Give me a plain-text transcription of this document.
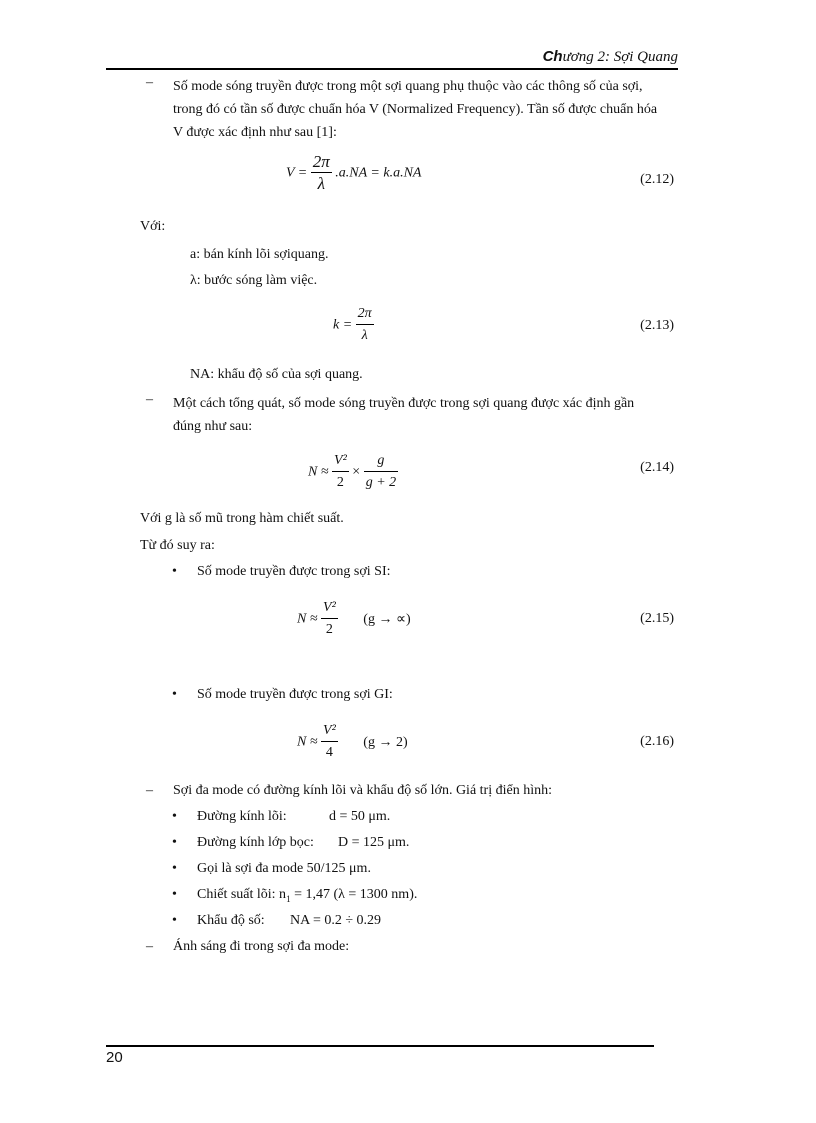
Chương 2: Sợi Quang
– Số mode sóng truyền được trong một sợi quang phụ thuộc vào các thông số của sợi,
trong đó có tần số được chuẩn hóa V (Normalized Frequency). Tần số được chuẩn hóa
V được xác định như sau [1]:
$V = \frac{2\pi}{\lambda} .a.NA = k.a.NA$	(2.12)
Với:
a: bán kính lõi sợiquang.
λ: bước sóng làm việc.
$k = \frac{2\pi}{\lambda}$	(2.13)
NA: khẩu độ số của sợi quang.
– Một cách tổng quát, số mode sóng truyền được trong sợi quang được xác định gần
đúng như sau:
$N \approx \frac{\text{V²}}{2} \times \frac{g}{g + 2}$	(2.14)
Với g là số mũ trong hàm chiết suất.
Từ đó suy ra:
• Số mode truyền được trong sợi SI:
$N \approx \frac{\text{V²}}{2} (g$ → ∝)	(2.15)
• Số mode truyền được trong sợi GI:
$N \approx \frac{\text{V²}}{4} (g \to 2)$	(2.16)
– Sợi đa mode có đường kính lõi và khẩu độ số lớn. Giá trị điển hình:
• Đường kính lõi:	d = 50 μm.
• Đường kính lớp bọc: D = 125 μm.
• Gọi là sợi đa mode 50/125 μm.
• Chiết suất lõi: $n_1 = 1,47$ (λ = 1300 nm).
• Khẩu độ số: NA = 0.2 ÷ 0.29
– Ánh sáng đi trong sợi đa mode:
20
